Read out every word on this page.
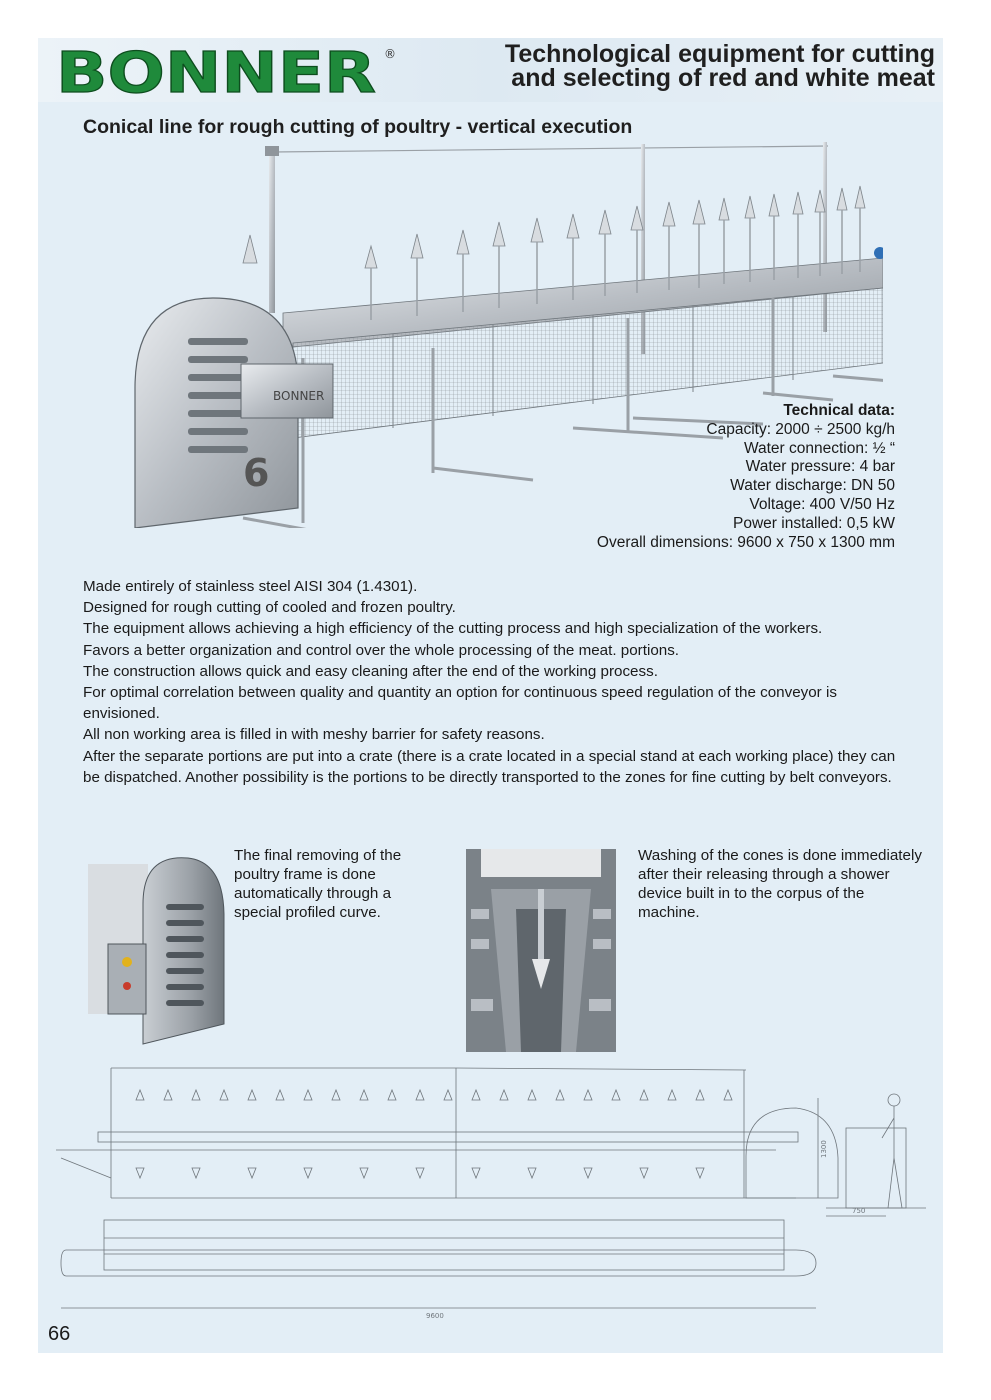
BONNER ®	Technological equipment for cutting
and selecting of red and white meat
Conical line for rough cutting of poultry - vertical execution
6
BONNER
Technical data:
Capacity: 2000 ÷ 2500 kg/h
Water connection: ½ “
Water pressure: 4 bar
Water discharge: DN 50
Voltage: 400 V/50 Hz
Power installed: 0,5 kW
Overall dimensions: 9600 x 750 x 1300 mm

Made entirely of stainless steel AISI 304 (1.4301).

Designed for rough cutting of cooled and frozen poultry.

The equipment allows achieving a high efficiency of the cutting process and high specialization of the workers.

Favors a better organization and control over the whole processing of the meat. portions.

The construction allows quick and easy cleaning after the end of the working process.

For optimal correlation between quality and quantity an option for continuous speed regulation of the conveyor is envisioned.

All non working area is filled in with meshy barrier for safety reasons.

After the separate portions are put into a crate (there is a crate located in a special stand at each working place) they can be dispatched. Another possibility is the portions to be directly transported to the zones for fine cutting by belt conveyors.

The final removing of the poultry frame is done automatically through a special profiled curve.
Washing of the cones is done immediately after their releasing through a shower device built in to the corpus of the machine.
1300
750
9600
66
